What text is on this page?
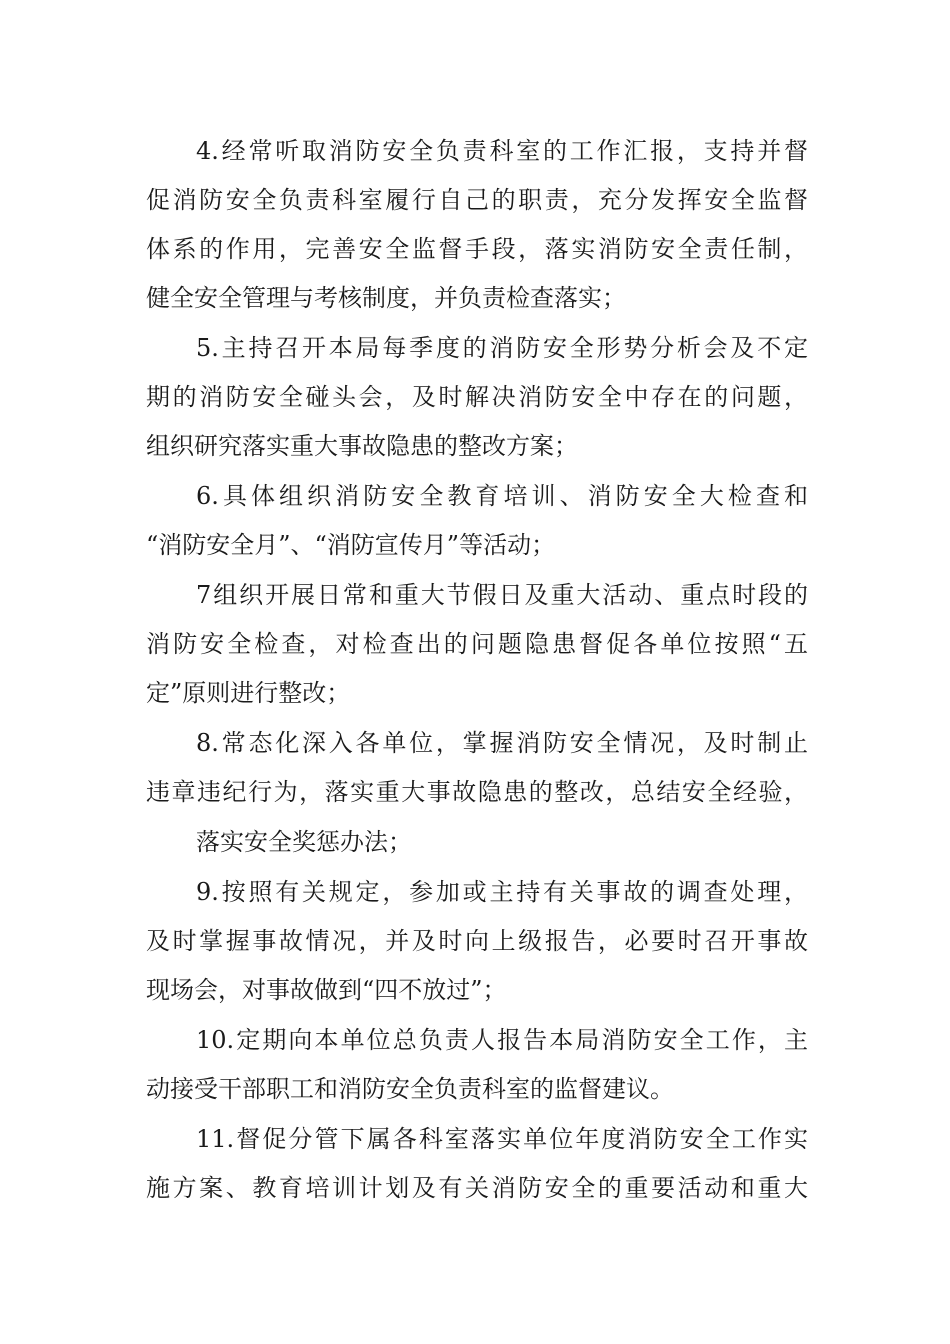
4.经常听取消防安全负责科室的工作汇报，支持并督
促消防安全负责科室履行自己的职责，充分发挥安全监督
体系的作用，完善安全监督手段，落实消防安全责任制，
健全安全管理与考核制度，并负责检查落实；
5.主持召开本局每季度的消防安全形势分析会及不定
期的消防安全碰头会，及时解决消防安全中存在的问题，
组织研究落实重大事故隐患的整改方案；
6.具体组织消防安全教育培训、消防安全大检查和
“消防安全月”、“消防宣传月”等活动；
7组织开展日常和重大节假日及重大活动、重点时段的
消防安全检查，对检查出的问题隐患督促各单位按照“五
定”原则进行整改；
8.常态化深入各单位，掌握消防安全情况，及时制止
违章违纪行为，落实重大事故隐患的整改，总结安全经验，
落实安全奖惩办法；
9.按照有关规定，参加或主持有关事故的调查处理，
及时掌握事故情况，并及时向上级报告，必要时召开事故
现场会，对事故做到“四不放过”；
10.定期向本单位总负责人报告本局消防安全工作，主
动接受干部职工和消防安全负责科室的监督建议。
11.督促分管下属各科室落实单位年度消防安全工作实
施方案、教育培训计划及有关消防安全的重要活动和重大
